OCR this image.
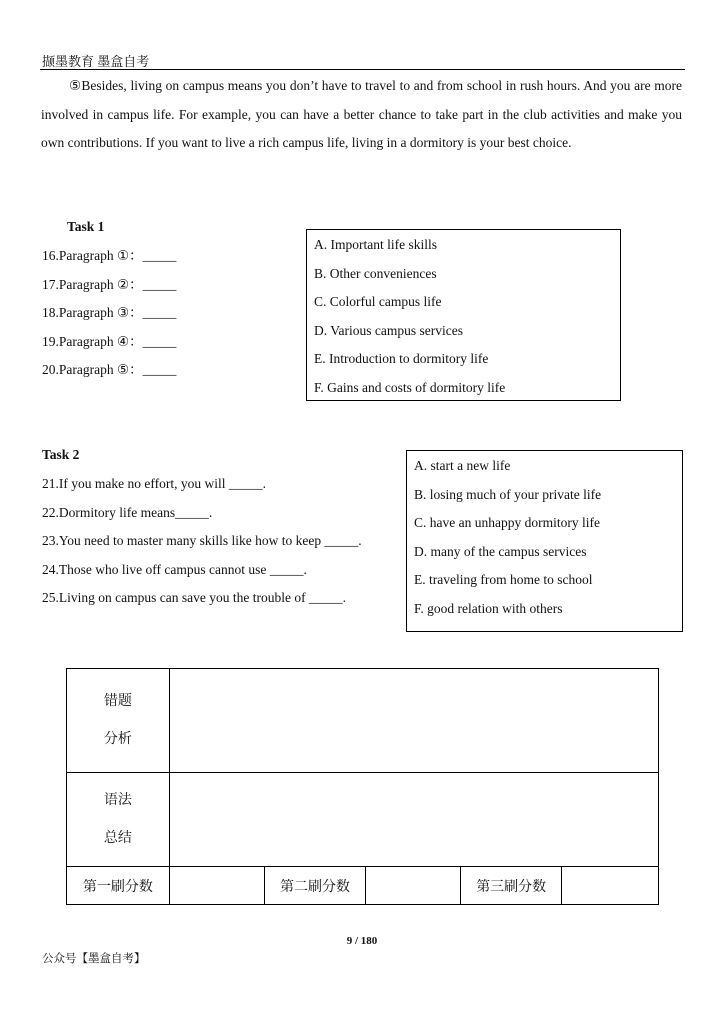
撷墨教育 墨盒自考
⑤Besides, living on campus means you don’t have to travel to and from school in rush hours. And you are more involved in campus life. For example, you can have a better chance to take part in the club activities and make you own contributions. If you want to live a rich campus life, living in a dormitory is your best choice.
Task 1
16.Paragraph ①：_____
17.Paragraph ②：_____
18.Paragraph ③：_____
19.Paragraph ④：_____
20.Paragraph ⑤：_____
A. Important life skills
B. Other conveniences
C. Colorful campus life
D. Various campus services
E. Introduction to dormitory life
F. Gains and costs of dormitory life
Task 2
21.If you make no effort, you will _____.
22.Dormitory life means_____.
23.You need to master many skills like how to keep _____.
24.Those who live off campus cannot use _____.
25.Living on campus can save you the trouble of _____.
A. start a new life
B. losing much of your private life
C. have an unhappy dormitory life
D. many of the campus services
E. traveling from home to school
F. good relation with others
错题
分析					

语法
总结					

第一刷分数		第二刷分数		第三刷分数	
9 / 180
公众号【墨盒自考】
